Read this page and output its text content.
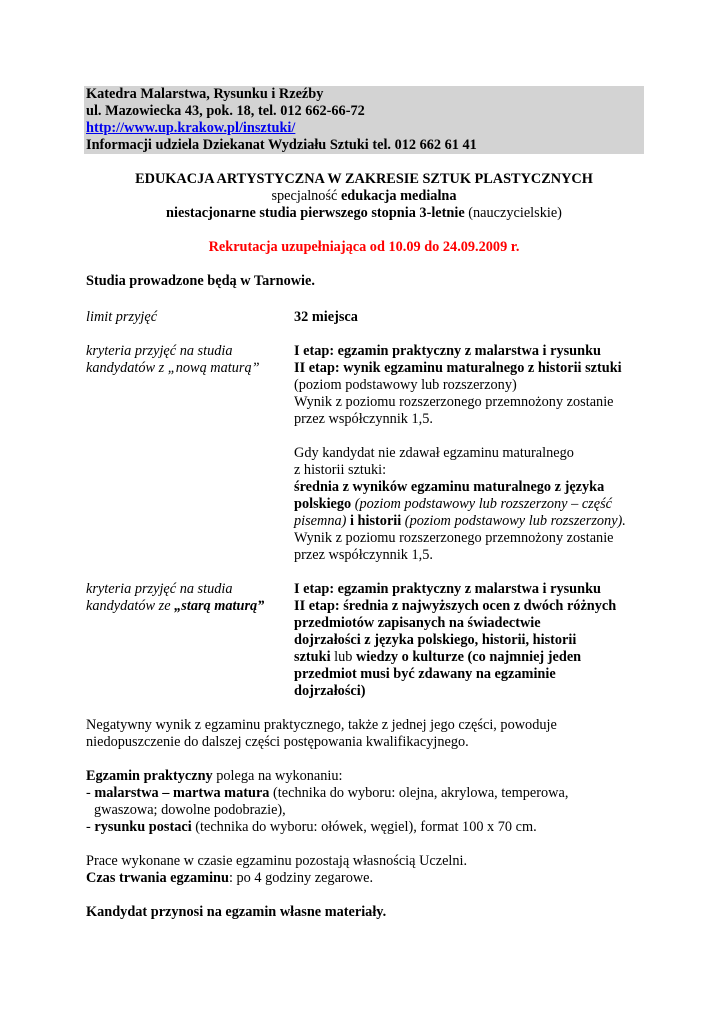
Katedra Malarstwa, Rysunku i Rzeźby
ul. Mazowiecka 43, pok. 18, tel. 012 662-66-72
http://www.up.krakow.pl/insztuki/
Informacji udziela Dziekanat Wydziału Sztuki tel. 012 662 61 41
EDUKACJA ARTYSTYCZNA W ZAKRESIE SZTUK PLASTYCZNYCH
specjalność edukacja medialna
niestacjonarne studia pierwszego stopnia 3-letnie (nauczycielskie)
Rekrutacja uzupełniająca od 10.09 do 24.09.2009 r.
Studia prowadzone będą w Tarnowie.
limit przyjęć	32 miejsca
kryteria przyjęć na studia
kandydatów z „nową maturą”
I etap: egzamin praktyczny z malarstwa i rysunku
II etap: wynik egzaminu maturalnego z historii sztuki
(poziom podstawowy lub rozszerzony)
Wynik z poziomu rozszerzonego przemnożony zostanie
przez współczynnik 1,5.
Gdy kandydat nie zdawał egzaminu maturalnego
z historii sztuki:
średnia z wyników egzaminu maturalnego z języka
polskiego (poziom podstawowy lub rozszerzony – część
pisemna) i historii (poziom podstawowy lub rozszerzony).
Wynik z poziomu rozszerzonego przemnożony zostanie
przez współczynnik 1,5.
kryteria przyjęć na studia
kandydatów ze „starą maturą”
I etap: egzamin praktyczny z malarstwa i rysunku
II etap: średnia z najwyższych ocen z dwóch różnych
przedmiotów zapisanych na świadectwie
dojrzałości z języka polskiego, historii, historii
sztuki lub wiedzy o kulturze (co najmniej jeden
przedmiot musi być zdawany na egzaminie
dojrzałości)
Negatywny wynik z egzaminu praktycznego, także z jednej jego części, powoduje
niedopuszczenie do dalszej części postępowania kwalifikacyjnego.
Egzamin praktyczny polega na wykonaniu:
- malarstwa – martwa matura (technika do wyboru: olejna, akrylowa, temperowa,
gwaszowa; dowolne podobrazie),
- rysunku postaci (technika do wyboru: ołówek, węgiel), format 100 x 70 cm.
Prace wykonane w czasie egzaminu pozostają własnością Uczelni.
Czas trwania egzaminu: po 4 godziny zegarowe.
Kandydat przynosi na egzamin własne materiały.
